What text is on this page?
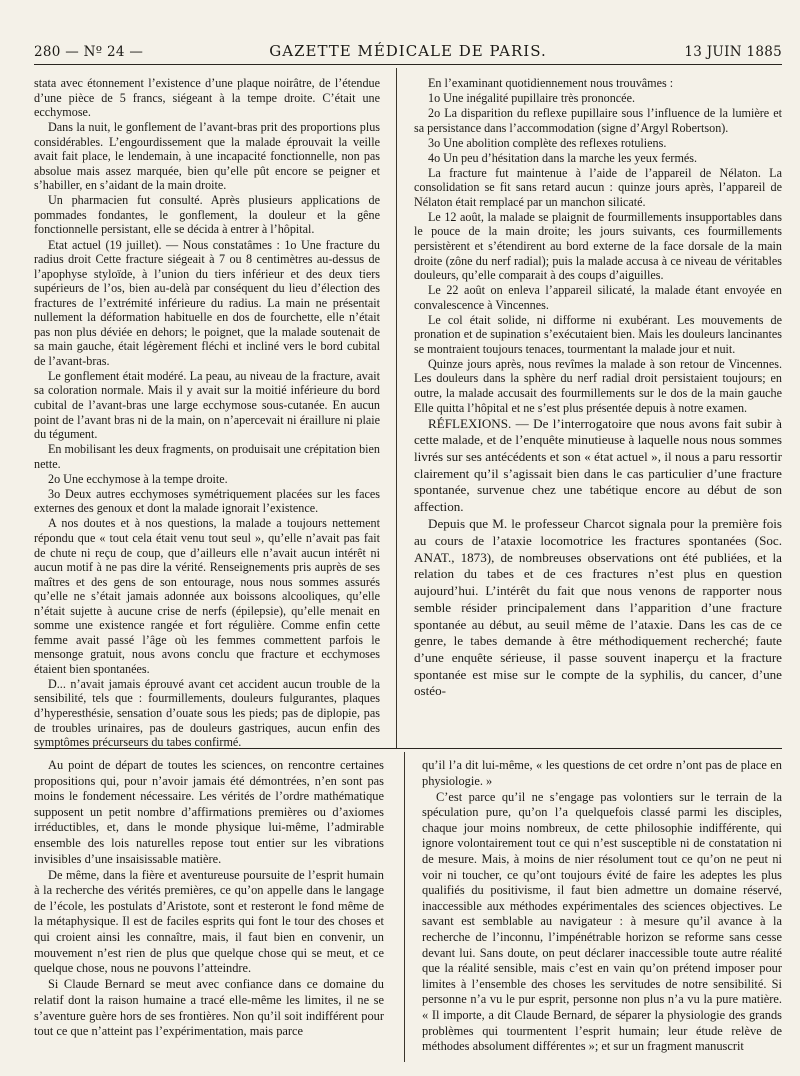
280 — Nº 24 —	GAZETTE MÉDICALE DE PARIS.	13 JUIN 1885

stata avec étonnement l’existence d’une plaque noirâtre, de l’étendue d’une pièce de 5 francs, siégeant à la tempe droite. C’était une ecchymose.

Dans la nuit, le gonflement de l’avant-bras prit des proportions plus considérables. L’engourdissement que la malade éprouvait la veille avait fait place, le lendemain, à une incapacité fonctionnelle, non pas absolue mais assez marquée, bien qu’elle pût encore se peigner et s’habiller, en s’aidant de la main droite.

Un pharmacien fut consulté. Après plusieurs applications de pommades fondantes, le gonflement, la douleur et la gêne fonctionnelle persistant, elle se décida à entrer à l’hôpital.

Etat actuel (19 juillet). — Nous constatâmes : 1o Une fracture du radius droit Cette fracture siégeait à 7 ou 8 centimètres au-dessus de l’apophyse styloïde, à l’union du tiers inférieur et des deux tiers supérieurs de l’os, bien au-delà par conséquent du lieu d’élection des fractures de l’extrémité inférieure du radius. La main ne présentait nullement la déformation habituelle en dos de fourchette, elle n’était pas non plus déviée en dehors; le poignet, que la malade soutenait de sa main gauche, était légèrement fléchi et incliné vers le bord cubital de l’avant-bras.

Le gonflement était modéré. La peau, au niveau de la fracture, avait sa coloration normale. Mais il y avait sur la moitié inférieure du bord cubital de l’avant-bras une large ecchymose sous-cutanée. En aucun point de l’avant bras ni de la main, on n’apercevait ni éraillure ni plaie du tégument.

En mobilisant les deux fragments, on produisait une crépitation bien nette.

2o Une ecchymose à la tempe droite.

3o Deux autres ecchymoses symétriquement placées sur les faces externes des genoux et dont la malade ignorait l’existence.

A nos doutes et à nos questions, la malade a toujours nettement répondu que « tout cela était venu tout seul », qu’elle n’avait pas fait de chute ni reçu de coup, que d’ailleurs elle n’avait aucun intérêt ni aucun motif à ne pas dire la vérité. Renseignements pris auprès de ses maîtres et des gens de son entourage, nous nous sommes assurés qu’elle ne s’était jamais adonnée aux boissons alcooliques, qu’elle n’était sujette à aucune crise de nerfs (épilepsie), qu’elle menait en somme une existence rangée et fort régulière. Comme enfin cette femme avait passé l’âge où les femmes commettent parfois le mensonge gratuit, nous avons conclu que fracture et ecchymoses étaient bien spontanées.

D... n’avait jamais éprouvé avant cet accident aucun trouble de la sensibilité, tels que : fourmillements, douleurs fulgurantes, plaques d’hyperesthésie, sensation d’ouate sous les pieds; pas de diplopie, pas de troubles urinaires, pas de douleurs gastriques, aucun enfin des symptômes précurseurs du tabes confirmé.

En l’examinant quotidiennement nous trouvâmes :

1o Une inégalité pupillaire très prononcée.

2o La disparition du reflexe pupillaire sous l’influence de la lumière et sa persistance dans l’accommodation (signe d’Argyl Robertson).

3o Une abolition complète des reflexes rotuliens.

4o Un peu d’hésitation dans la marche les yeux fermés.

La fracture fut maintenue à l’aide de l’appareil de Nélaton. La consolidation se fit sans retard aucun : quinze jours après, l’appareil de Nélaton était remplacé par un manchon silicaté.

Le 12 août, la malade se plaignit de fourmillements insupportables dans le pouce de la main droite; les jours suivants, ces fourmillements persistèrent et s’étendirent au bord externe de la face dorsale de la main droite (zône du nerf radial); puis la malade accusa à ce niveau de véritables douleurs, qu’elle comparait à des coups d’aiguilles.

Le 22 août on enleva l’appareil silicaté, la malade étant envoyée en convalescence à Vincennes.

Le col était solide, ni difforme ni exubérant. Les mouvements de pronation et de supination s’exécutaient bien. Mais les douleurs lancinantes se montraient toujours tenaces, tourmentant la malade jour et nuit.

Quinze jours après, nous revîmes la malade à son retour de Vincennes. Les douleurs dans la sphère du nerf radial droit persistaient toujours; en outre, la malade accusait des fourmillements sur le dos de la main gauche Elle quitta l’hôpital et ne s’est plus présentée depuis à notre examen.

RÉFLEXIONS. — De l’interrogatoire que nous avons fait subir à cette malade, et de l’enquête minutieuse à laquelle nous nous sommes livrés sur ses antécédents et son « état actuel », il nous a paru ressortir clairement qu’il s’agissait bien dans le cas particulier d’une fracture spontanée, survenue chez une tabétique encore au début de son affection.

Depuis que M. le professeur Charcot signala pour la première fois au cours de l’ataxie locomotrice les fractures spontanées (Soc. ANAT., 1873), de nombreuses observations ont été publiées, et la relation du tabes et de ces fractures n’est plus en question aujourd’hui. L’intérêt du fait que nous venons de rapporter nous semble résider principalement dans l’apparition d’une fracture spontanée au début, au seuil même de l’ataxie. Dans les cas de ce genre, le tabes demande à être méthodiquement recherché; faute d’une enquête sérieuse, il passe souvent inaperçu et la fracture spontanée est mise sur le compte de la syphilis, du cancer, d’une ostéo-

Au point de départ de toutes les sciences, on rencontre certaines propositions qui, pour n’avoir jamais été démontrées, n’en sont pas moins le fondement nécessaire. Les vérités de l’ordre mathématique supposent un petit nombre d’affirmations premières ou d’axiomes irréductibles, et, dans le monde physique lui-même, l’admirable ensemble des lois naturelles repose tout entier sur les vibrations invisibles d’une insaisissable matière.

De même, dans la fière et aventureuse poursuite de l’esprit humain à la recherche des vérités premières, ce qu’on appelle dans le langage de l’école, les postulats d’Aristote, sont et resteront le fond même de la métaphysique. Il est de faciles esprits qui font le tour des choses et qui croient ainsi les connaître, mais, il faut bien en convenir, un mouvement n’est rien de plus que quelque chose qui se meut, et ce quelque chose, nous ne pouvons l’atteindre.

Si Claude Bernard se meut avec confiance dans ce domaine du relatif dont la raison humaine a tracé elle-même les limites, il ne se s’aventure guère hors de ses frontières. Non qu’il soit indifférent pour tout ce que n’atteint pas l’expérimentation, mais parce

qu’il l’a dit lui-même, « les questions de cet ordre n’ont pas de place en physiologie. »

C’est parce qu’il ne s’engage pas volontiers sur le terrain de la spéculation pure, qu’on l’a quelquefois classé parmi les disciples, chaque jour moins nombreux, de cette philosophie indifférente, qui ignore volontairement tout ce qui n’est susceptible ni de constatation ni de mesure. Mais, à moins de nier résolument tout ce qu’on ne peut ni voir ni toucher, ce qu’ont toujours évité de faire les adeptes les plus qualifiés du positivisme, il faut bien admettre un domaine réservé, inaccessible aux méthodes expérimentales des sciences objectives. Le savant est semblable au navigateur : à mesure qu’il avance à la recherche de l’inconnu, l’impénétrable horizon se reforme sans cesse devant lui. Sans doute, on peut déclarer inaccessible toute autre réalité que la réalité sensible, mais c’est en vain qu’on prétend imposer pour limites à l’ensemble des choses les servitudes de notre sensibilité. Si personne n’a vu le pur esprit, personne non plus n’a vu la pure matière. « Il importe, a dit Claude Bernard, de séparer la physiologie des grands problèmes qui tourmentent l’esprit humain; leur étude relève de méthodes absolument différentes »; et sur un fragment manuscrit
